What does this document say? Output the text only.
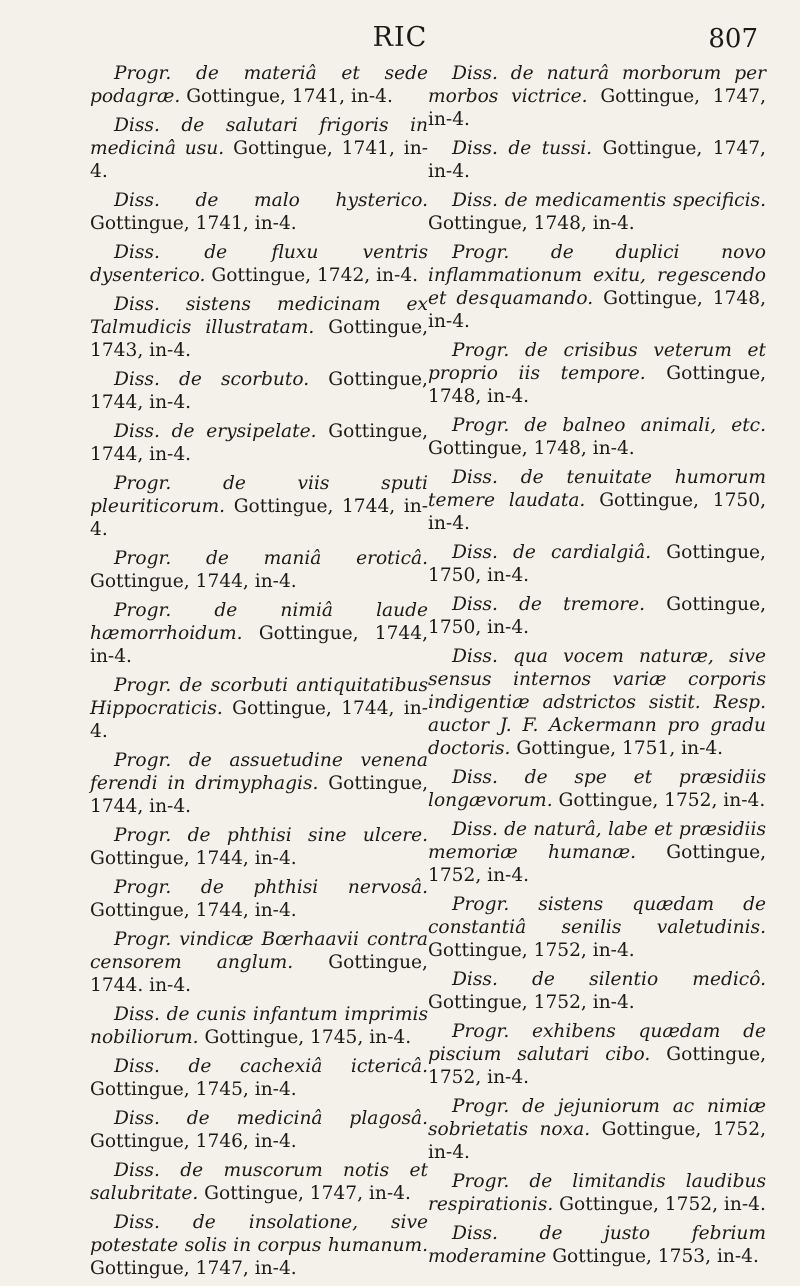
RIC	807

Progr. de materiâ et sede podagræ. Gottingue, 1741, in-4.

Diss. de salutari frigoris in medicinâ usu. Gottingue, 1741, in-4.

Diss. de malo hysterico. Gottingue, 1741, in-4.

Diss. de fluxu ventris dysenterico. Gottingue, 1742, in-4.

Diss. sistens medicinam ex Talmudicis illustratam. Gottingue, 1743, in-4.

Diss. de scorbuto. Gottingue, 1744, in-4.

Diss. de erysipelate. Gottingue, 1744, in-4.

Progr.	de viis sputi pleuriticorum. Gottingue, 1744, in-4.

Progr. de maniâ eroticâ. Gottingue, 1744, in-4.

Progr. de nimiâ laude hæmorrhoidum. Gottingue, 1744, in-4.

Progr. de scorbuti antiquitatibus Hippocraticis. Gottingue, 1744, in-4.

Progr. de assuetudine venena ferendi in drimyphagis. Gottingue, 1744, in-4.

Progr. de phthisi sine ulcere. Gottingue, 1744, in-4.

Progr. de phthisi nervosâ. Gottingue, 1744, in-4.

Progr. vindicæ Bœrhaavii contra censorem anglum. Gottingue, 1744. in-4.

Diss. de cunis infantum imprimis nobiliorum. Gottingue, 1745, in-4.

Diss. de cachexiâ ictericâ. Gottingue, 1745, in-4.

Diss. de medicinâ plagosâ. Gottingue, 1746, in-4.

Diss. de muscorum notis et salubritate. Gottingue, 1747, in-4.

Diss. de insolatione, sive potestate solis in corpus humanum. Gottingue, 1747, in-4.

Diss. de naturâ morborum per morbos victrice. Gottingue, 1747, in-4.

Diss. de tussi. Gottingue, 1747, in-4.

Diss. de medicamentis specificis. Gottingue, 1748, in-4.

Progr. de duplici novo inflammationum exitu, regescendo et desquamando. Gottingue, 1748, in-4.

Progr. de crisibus veterum et proprio iis tempore. Gottingue, 1748, in-4.

Progr. de balneo animali, etc. Gottingue, 1748, in-4.

Diss. de tenuitate humorum temere laudata. Gottingue, 1750, in-4.

Diss. de cardialgiâ. Gottingue, 1750, in-4.

Diss. de tremore. Gottingue, 1750, in-4.

Diss. qua vocem naturæ, sive sensus internos variæ corporis indigentiæ adstrictos sistit. Resp. auctor J. F. Ackermann pro gradu doctoris. Gottingue, 1751, in-4.

Diss. de spe et præsidiis longævorum. Gottingue, 1752, in-4.

Diss. de naturâ, labe et præsidiis memoriæ humanæ. Gottingue, 1752, in-4.

Progr. sistens quædam de constantiâ senilis valetudinis. Gottingue, 1752, in-4.

Diss. de silentio medicô. Gottingue, 1752, in-4.

Progr. exhibens quædam de piscium salutari cibo. Gottingue, 1752, in-4.

Progr. de jejuniorum ac nimiæ sobrietatis noxa. Gottingue, 1752, in-4.

Progr. de limitandis laudibus respirationis. Gottingue, 1752, in-4.

Diss. de justo febrium moderamine Gottingue, 1753, in-4.
